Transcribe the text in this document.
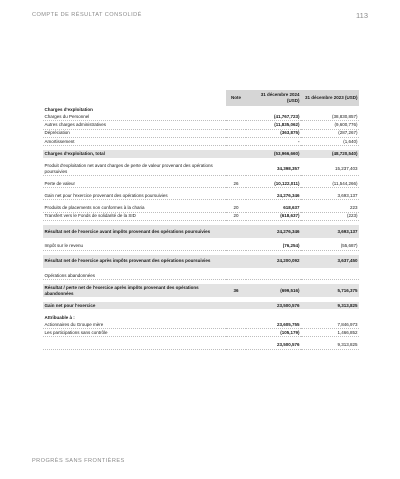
COMPTE DE RÉSULTAT CONSOLIDÉ	113
	Note	31 décembre 2024 (USD)	31 décembre 2023 (USD)
Charges d'exploitation			
Charges du Personnel		(41,767,723)	(38,830,857)
Autres charges administratives		(11,835,062)	(9,600,776)
Dépréciation		(363,875)	(287,267)
Amortissement		-	(1,640)

Charges d'exploitation, total		(53,966,660)	(48,720,540)

Produit d'exploitation net avant charges de perte de valeur provenant des opérations poursuivies		34,398,357	15,237,403

Perte de valeur	26	(10,122,011)	(11,544,266)

Gain net pour l'exercice provenant des opérations poursuivies		24,276,346	3,693,137

Produits de placements non conformes à la charia	20	618,637	223
Transfert vers le Fonds de solidarité de la SID	20	(618,637)	(223)

Résultat net de l'exercice avant impôts provenant des opérations poursuivies		24,276,346	3,693,137

Impôt sur le revenu		(76,254)	(55,687)

Résultat net de l'exercice après impôts provenant des opérations poursuivies		24,200,092	3,637,450

Opérations abandonnées			

Résultat / perte net de l'exercice après impôts provenant des opérations abandonnées	36	(699,516)	5,716,375

Gain net pour l'exercice		23,500,576	9,313,825

Attribuable à :			
Actionnaires du Groupe mère		23,605,755	7,846,973
Les participations sans contrôle		(105,179)	1,466,852

		23,500,576	9,313,825
PROGRÈS SANS FRONTIÈRES
